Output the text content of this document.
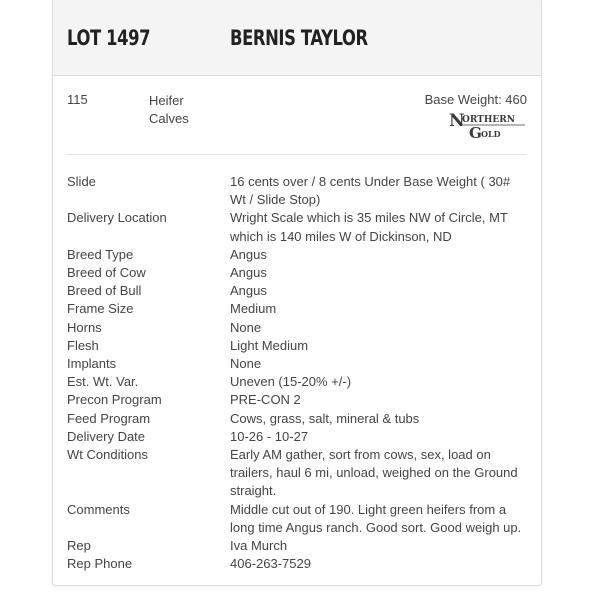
LOT 1497	BERNIS TAYLOR
115	Heifer Calves
Base Weight: 460
N
ORTHERN
G OLD
Slide	16 cents over / 8 cents Under Base Weight ( 30# Wt / Slide Stop)
Delivery Location	Wright Scale which is 35 miles NW of Circle, MT which is 140 miles W of Dickinson, ND
Breed Type	Angus
Breed of Cow	Angus
Breed of Bull	Angus
Frame Size	Medium
Horns	None
Flesh	Light Medium
Implants	None
Est. Wt. Var.	Uneven (15-20% +/-)
Precon Program	PRE-CON 2
Feed Program	Cows, grass, salt, mineral & tubs
Delivery Date	10-26 - 10-27
Wt Conditions	Early AM gather, sort from cows, sex, load on trailers, haul 6 mi, unload, weighed on the Ground straight.
Comments	Middle cut out of 190. Light green heifers from a long time Angus ranch. Good sort. Good weigh up.
Rep	Iva Murch
Rep Phone	406-263-7529
